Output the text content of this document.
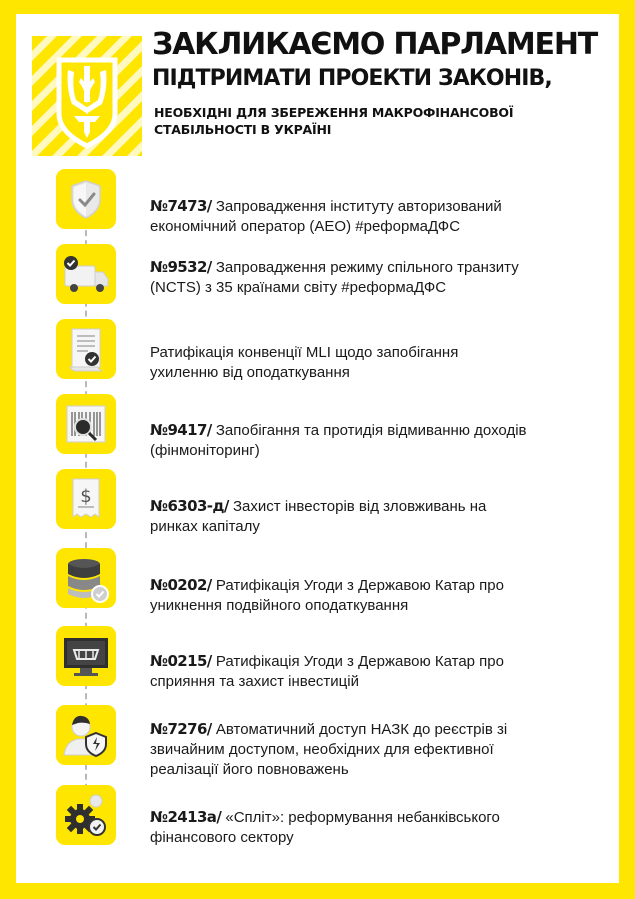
ЗАКЛИКАЄМО ПАРЛАМЕНТ
ПІДТРИМАТИ ПРОЕКТИ ЗАКОНІВ,
НЕОБХІДНІ ДЛЯ ЗБЕРЕЖЕННЯ МАКРОФІНАНСОВОЇ СТАБІЛЬНОСТІ В УКРАЇНІ
№7473/ Запровадження інституту авторизований економічний оператор (АЕО) #реформаДФС
№9532/ Запровадження режиму спільного транзиту (NCTS) з 35 країнами світу #реформаДФС
Ратифікація конвенції MLI щодо запобігання ухиленню від оподаткування
№9417/ Запобігання та протидія відмиванню доходів (фінмоніторинг)
$	№6303-д/ Захист інвесторів від зловживань на ринках капіталу
№0202/ Ратифікація Угоди з Державою Катар про уникнення подвійного оподаткування
№0215/ Ратифікація Угоди з Державою Катар про сприяння та захист інвестицій
№7276/ Автоматичний доступ НАЗК до реєстрів зі звичайним доступом, необхідних для ефективної реалізації його повноважень
№2413а/ «Спліт»: реформування небанківського фінансового сектору
